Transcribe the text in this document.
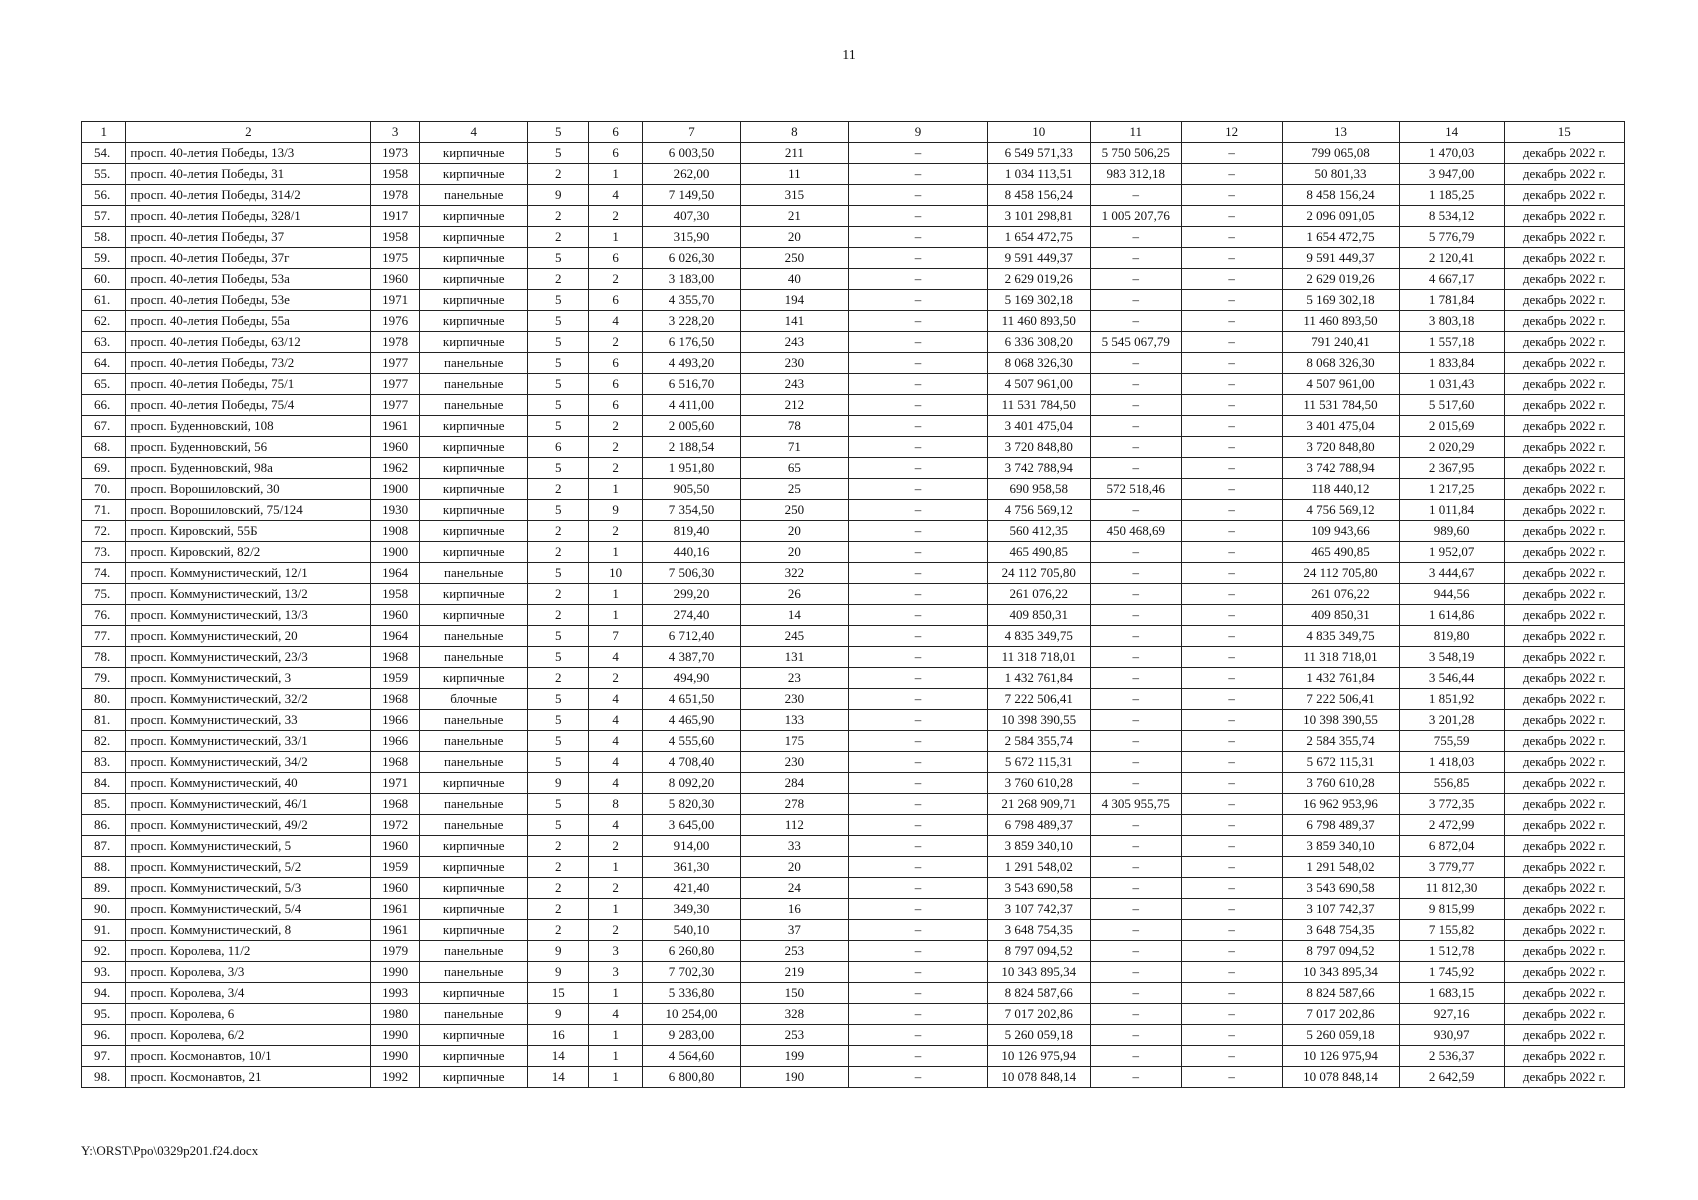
11
1	2	3	4	5	6	7	8	9	10	11	12	13	14	15
54.	просп. 40-летия Победы, 13/3	1973	кирпичные	5	6	6 003,50	211	–	6 549 571,33	5 750 506,25	–	799 065,08	1 470,03	декабрь 2022 г.
55.	просп. 40-летия Победы, 31	1958	кирпичные	2	1	262,00	11	–	1 034 113,51	983 312,18	–	50 801,33	3 947,00	декабрь 2022 г.
56.	просп. 40-летия Победы, 314/2	1978	панельные	9	4	7 149,50	315	–	8 458 156,24	–	–	8 458 156,24	1 185,25	декабрь 2022 г.
57.	просп. 40-летия Победы, 328/1	1917	кирпичные	2	2	407,30	21	–	3 101 298,81	1 005 207,76	–	2 096 091,05	8 534,12	декабрь 2022 г.
58.	просп. 40-летия Победы, 37	1958	кирпичные	2	1	315,90	20	–	1 654 472,75	–	–	1 654 472,75	5 776,79	декабрь 2022 г.
59.	просп. 40-летия Победы, 37г	1975	кирпичные	5	6	6 026,30	250	–	9 591 449,37	–	–	9 591 449,37	2 120,41	декабрь 2022 г.
60.	просп. 40-летия Победы, 53а	1960	кирпичные	2	2	3 183,00	40	–	2 629 019,26	–	–	2 629 019,26	4 667,17	декабрь 2022 г.
61.	просп. 40-летия Победы, 53е	1971	кирпичные	5	6	4 355,70	194	–	5 169 302,18	–	–	5 169 302,18	1 781,84	декабрь 2022 г.
62.	просп. 40-летия Победы, 55а	1976	кирпичные	5	4	3 228,20	141	–	11 460 893,50	–	–	11 460 893,50	3 803,18	декабрь 2022 г.
63.	просп. 40-летия Победы, 63/12	1978	кирпичные	5	2	6 176,50	243	–	6 336 308,20	5 545 067,79	–	791 240,41	1 557,18	декабрь 2022 г.
64.	просп. 40-летия Победы, 73/2	1977	панельные	5	6	4 493,20	230	–	8 068 326,30	–	–	8 068 326,30	1 833,84	декабрь 2022 г.
65.	просп. 40-летия Победы, 75/1	1977	панельные	5	6	6 516,70	243	–	4 507 961,00	–	–	4 507 961,00	1 031,43	декабрь 2022 г.
66.	просп. 40-летия Победы, 75/4	1977	панельные	5	6	4 411,00	212	–	11 531 784,50	–	–	11 531 784,50	5 517,60	декабрь 2022 г.
67.	просп. Буденновский, 108	1961	кирпичные	5	2	2 005,60	78	–	3 401 475,04	–	–	3 401 475,04	2 015,69	декабрь 2022 г.
68.	просп. Буденновский, 56	1960	кирпичные	6	2	2 188,54	71	–	3 720 848,80	–	–	3 720 848,80	2 020,29	декабрь 2022 г.
69.	просп. Буденновский, 98а	1962	кирпичные	5	2	1 951,80	65	–	3 742 788,94	–	–	3 742 788,94	2 367,95	декабрь 2022 г.
70.	просп. Ворошиловский, 30	1900	кирпичные	2	1	905,50	25	–	690 958,58	572 518,46	–	118 440,12	1 217,25	декабрь 2022 г.
71.	просп. Ворошиловский, 75/124	1930	кирпичные	5	9	7 354,50	250	–	4 756 569,12	–	–	4 756 569,12	1 011,84	декабрь 2022 г.
72.	просп. Кировский, 55Б	1908	кирпичные	2	2	819,40	20	–	560 412,35	450 468,69	–	109 943,66	989,60	декабрь 2022 г.
73.	просп. Кировский, 82/2	1900	кирпичные	2	1	440,16	20	–	465 490,85	–	–	465 490,85	1 952,07	декабрь 2022 г.
74.	просп. Коммунистический, 12/1	1964	панельные	5	10	7 506,30	322	–	24 112 705,80	–	–	24 112 705,80	3 444,67	декабрь 2022 г.
75.	просп. Коммунистический, 13/2	1958	кирпичные	2	1	299,20	26	–	261 076,22	–	–	261 076,22	944,56	декабрь 2022 г.
76.	просп. Коммунистический, 13/3	1960	кирпичные	2	1	274,40	14	–	409 850,31	–	–	409 850,31	1 614,86	декабрь 2022 г.
77.	просп. Коммунистический, 20	1964	панельные	5	7	6 712,40	245	–	4 835 349,75	–	–	4 835 349,75	819,80	декабрь 2022 г.
78.	просп. Коммунистический, 23/3	1968	панельные	5	4	4 387,70	131	–	11 318 718,01	–	–	11 318 718,01	3 548,19	декабрь 2022 г.
79.	просп. Коммунистический, 3	1959	кирпичные	2	2	494,90	23	–	1 432 761,84	–	–	1 432 761,84	3 546,44	декабрь 2022 г.
80.	просп. Коммунистический, 32/2	1968	блочные	5	4	4 651,50	230	–	7 222 506,41	–	–	7 222 506,41	1 851,92	декабрь 2022 г.
81.	просп. Коммунистический, 33	1966	панельные	5	4	4 465,90	133	–	10 398 390,55	–	–	10 398 390,55	3 201,28	декабрь 2022 г.
82.	просп. Коммунистический, 33/1	1966	панельные	5	4	4 555,60	175	–	2 584 355,74	–	–	2 584 355,74	755,59	декабрь 2022 г.
83.	просп. Коммунистический, 34/2	1968	панельные	5	4	4 708,40	230	–	5 672 115,31	–	–	5 672 115,31	1 418,03	декабрь 2022 г.
84.	просп. Коммунистический, 40	1971	кирпичные	9	4	8 092,20	284	–	3 760 610,28	–	–	3 760 610,28	556,85	декабрь 2022 г.
85.	просп. Коммунистический, 46/1	1968	панельные	5	8	5 820,30	278	–	21 268 909,71	4 305 955,75	–	16 962 953,96	3 772,35	декабрь 2022 г.
86.	просп. Коммунистический, 49/2	1972	панельные	5	4	3 645,00	112	–	6 798 489,37	–	–	6 798 489,37	2 472,99	декабрь 2022 г.
87.	просп. Коммунистический, 5	1960	кирпичные	2	2	914,00	33	–	3 859 340,10	–	–	3 859 340,10	6 872,04	декабрь 2022 г.
88.	просп. Коммунистический, 5/2	1959	кирпичные	2	1	361,30	20	–	1 291 548,02	–	–	1 291 548,02	3 779,77	декабрь 2022 г.
89.	просп. Коммунистический, 5/3	1960	кирпичные	2	2	421,40	24	–	3 543 690,58	–	–	3 543 690,58	11 812,30	декабрь 2022 г.
90.	просп. Коммунистический, 5/4	1961	кирпичные	2	1	349,30	16	–	3 107 742,37	–	–	3 107 742,37	9 815,99	декабрь 2022 г.
91.	просп. Коммунистический, 8	1961	кирпичные	2	2	540,10	37	–	3 648 754,35	–	–	3 648 754,35	7 155,82	декабрь 2022 г.
92.	просп. Королева, 11/2	1979	панельные	9	3	6 260,80	253	–	8 797 094,52	–	–	8 797 094,52	1 512,78	декабрь 2022 г.
93.	просп. Королева, 3/3	1990	панельные	9	3	7 702,30	219	–	10 343 895,34	–	–	10 343 895,34	1 745,92	декабрь 2022 г.
94.	просп. Королева, 3/4	1993	кирпичные	15	1	5 336,80	150	–	8 824 587,66	–	–	8 824 587,66	1 683,15	декабрь 2022 г.
95.	просп. Королева, 6	1980	панельные	9	4	10 254,00	328	–	7 017 202,86	–	–	7 017 202,86	927,16	декабрь 2022 г.
96.	просп. Королева, 6/2	1990	кирпичные	16	1	9 283,00	253	–	5 260 059,18	–	–	5 260 059,18	930,97	декабрь 2022 г.
97.	просп. Космонавтов, 10/1	1990	кирпичные	14	1	4 564,60	199	–	10 126 975,94	–	–	10 126 975,94	2 536,37	декабрь 2022 г.
98.	просп. Космонавтов, 21	1992	кирпичные	14	1	6 800,80	190	–	10 078 848,14	–	–	10 078 848,14	2 642,59	декабрь 2022 г.
Y:\ORST\Ppo\0329p201.f24.docx
